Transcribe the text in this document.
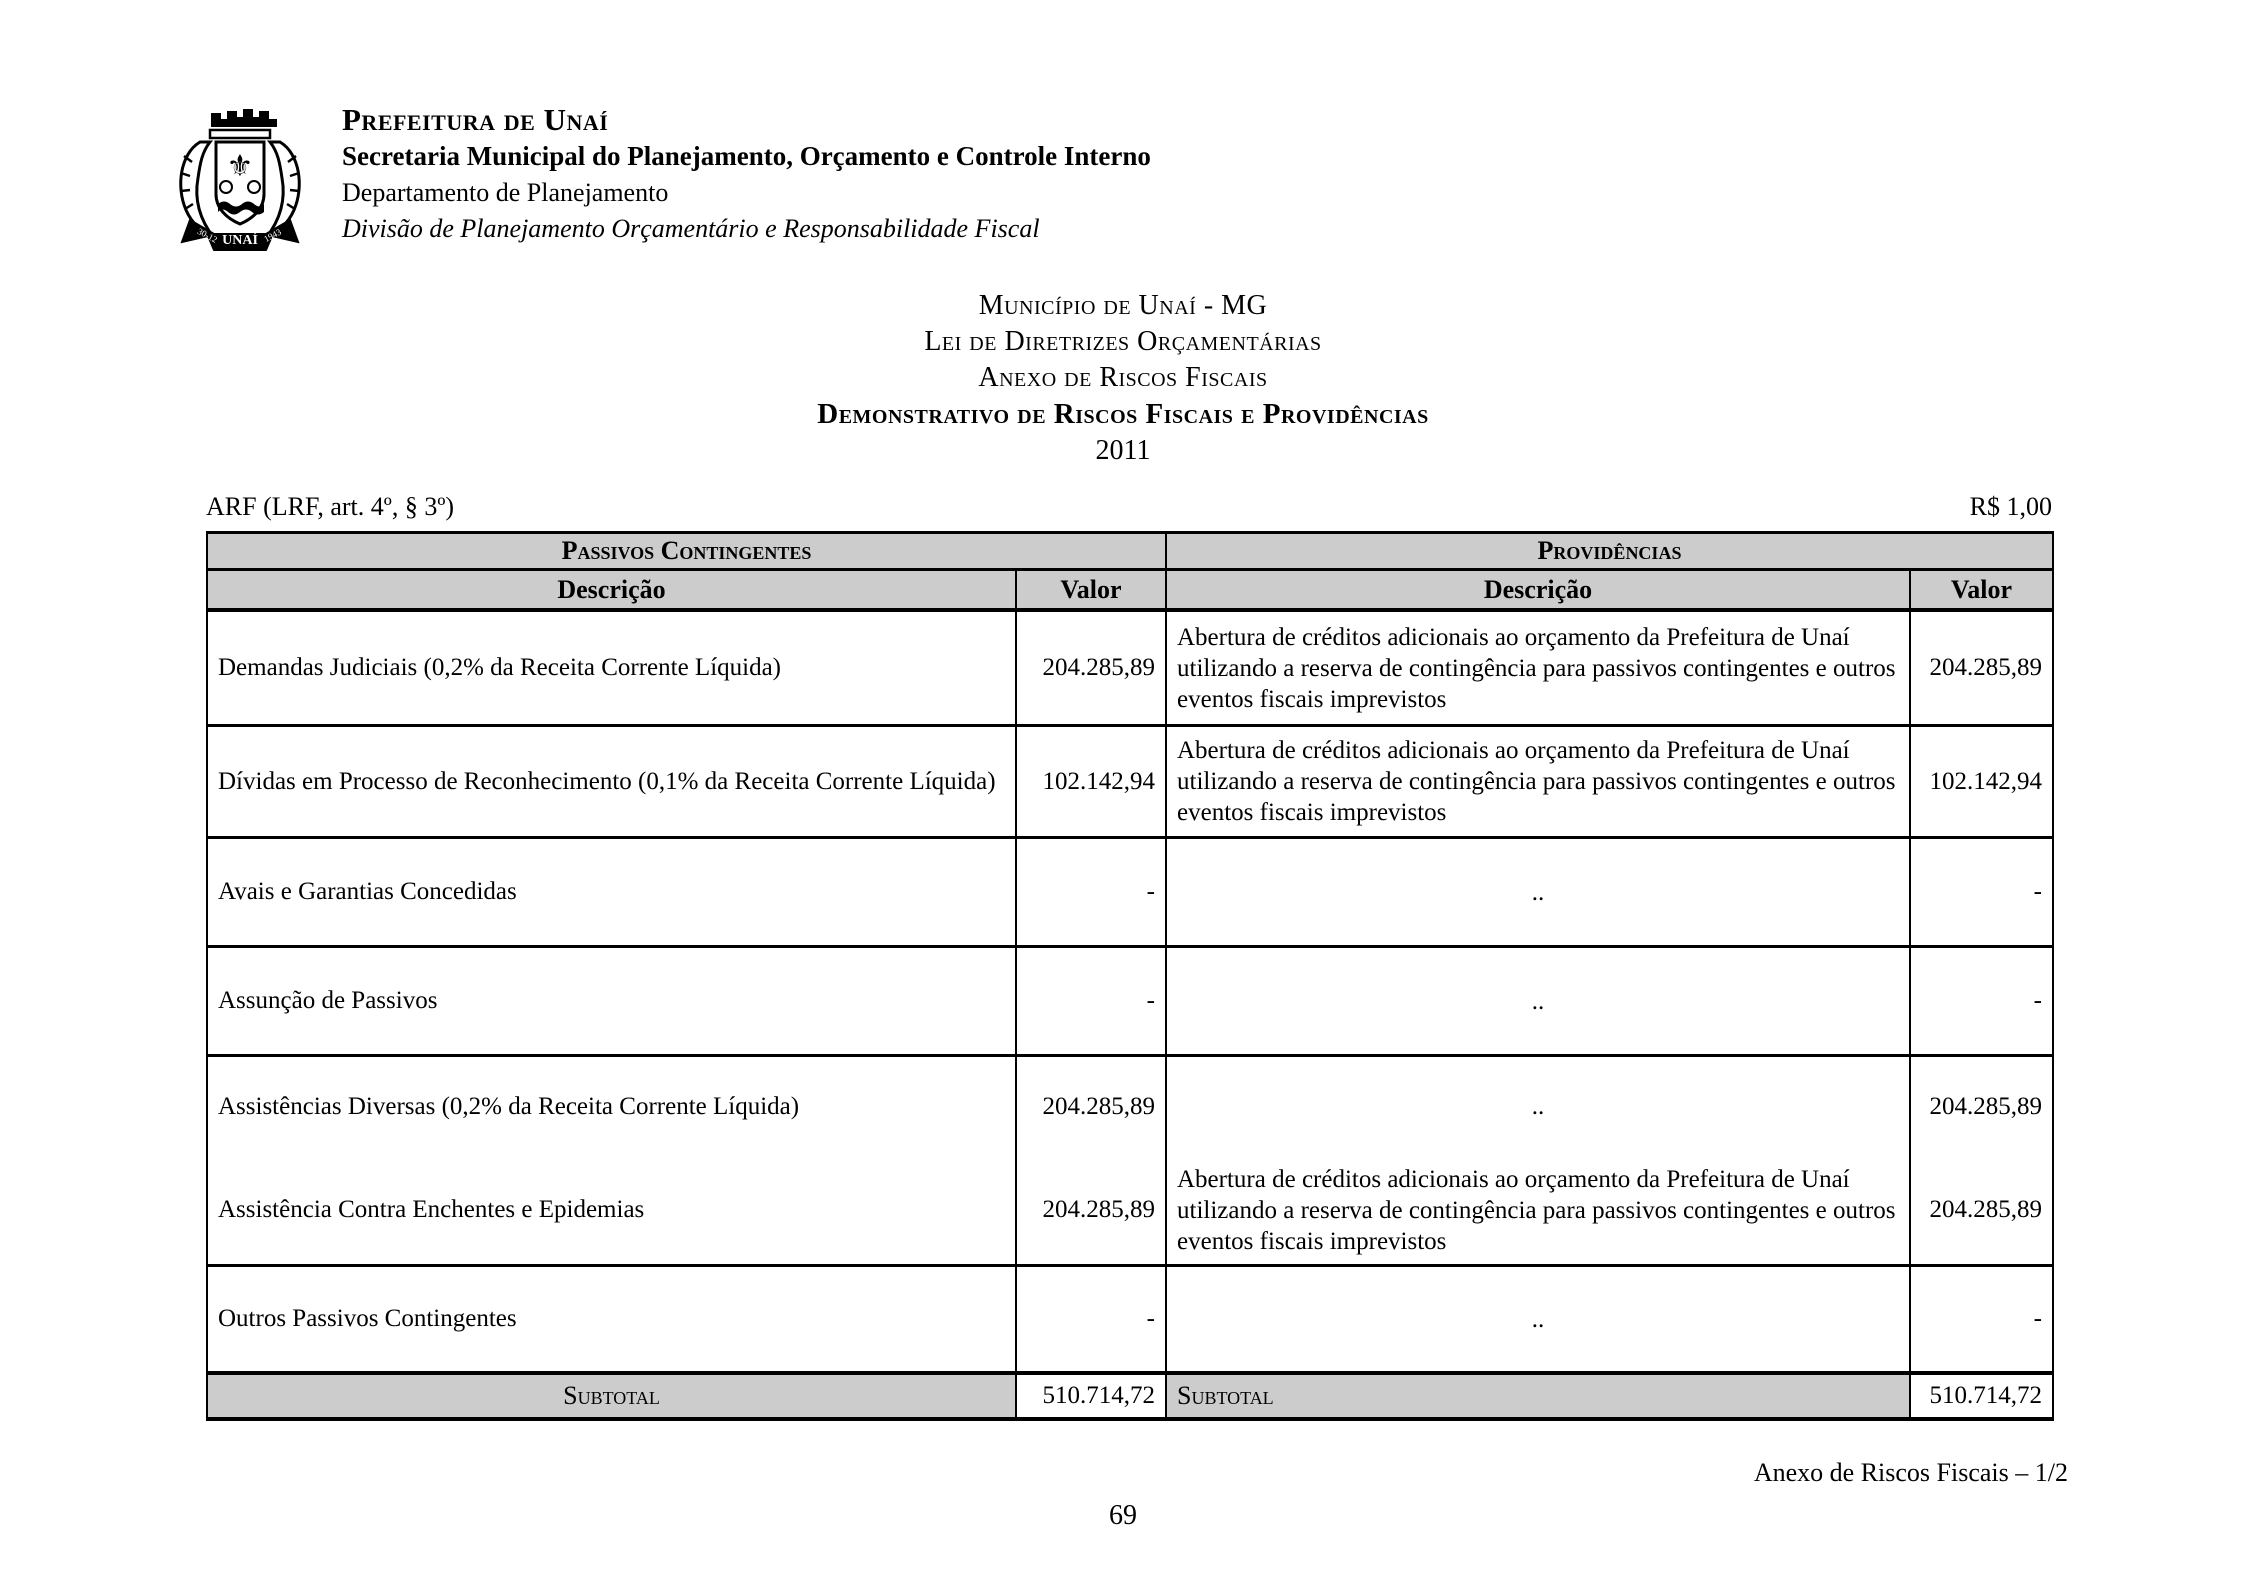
⚜
UNAÍ
30-12	1943
Prefeitura de Unaí
Secretaria Municipal do Planejamento, Orçamento e Controle Interno
Departamento de Planejamento
Divisão de Planejamento Orçamentário e Responsabilidade Fiscal
Município de Unaí - MG
Lei de Diretrizes Orçamentárias
Anexo de Riscos Fiscais
Demonstrativo de Riscos Fiscais e Providências
2011
ARF (LRF, art. 4º, § 3º)	R$ 1,00
Passivos Contingentes		Providências	
Descrição	Valor	Descrição	Valor
Demandas Judiciais (0,2% da Receita Corrente Líquida)	204.285,89	Abertura de créditos adicionais ao orçamento da Prefeitura de Unaí utilizando a reserva de contingência para passivos contingentes e outros eventos fiscais imprevistos	204.285,89
Dívidas em Processo de Reconhecimento (0,1% da Receita Corrente Líquida)	102.142,94	Abertura de créditos adicionais ao orçamento da Prefeitura de Unaí utilizando a reserva de contingência para passivos contingentes e outros eventos fiscais imprevistos	102.142,94
Avais e Garantias Concedidas	-	..	-
Assunção de Passivos	-	..	-
Assistências Diversas (0,2% da Receita Corrente Líquida)	204.285,89	..	204.285,89
Assistência Contra Enchentes e Epidemias	204.285,89	Abertura de créditos adicionais ao orçamento da Prefeitura de Unaí utilizando a reserva de contingência para passivos contingentes e outros eventos fiscais imprevistos	204.285,89
Outros Passivos Contingentes	-	..	-
Subtotal	510.714,72	Subtotal	510.714,72
Anexo de Riscos Fiscais – 1/2
69
